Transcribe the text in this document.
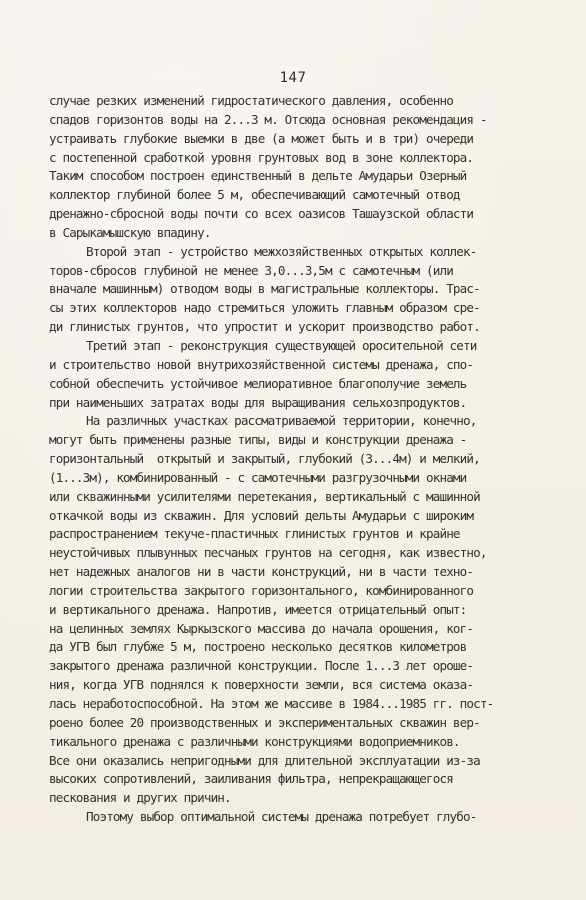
147
случае резких изменений гидростатического давления, особенно
спадов горизонтов воды на 2...3 м. Отсюда основная рекомендация -
устраивать глубокие выемки в две (а может быть и в три) очереди
с постепенной сработкой уровня грунтовых вод в зоне коллектора.
Таким способом построен единственный в дельте Амударьи Озерный
коллектор глубиной более 5 м, обеспечивающий самотечный отвод
дренажно-сбросной воды почти со всех оазисов Ташаузской области
в Сарыкамышскую впадину.
Второй этап - устройство межхозяйственных открытых коллек-
торов-сбросов глубиной не менее 3,0...3,5м с самотечным (или
вначале машинным) отводом воды в магистральные коллекторы. Трас-
сы этих коллекторов надо стремиться уложить главным образом сре-
ди глинистых грунтов, что упростит и ускорит производство работ.
Третий этап - реконструкция существующей оросительной сети
и строительство новой внутрихозяйственной системы дренажа, спо-
собной обеспечить устойчивое мелиоративное благополучие земель
при наименьших затратах воды для выращивания сельхозпродуктов.
На различных участках рассматриваемой территории, конечно,
могут быть применены разные типы, виды и конструкции дренажа -
горизонтальный  открытый и закрытый, глубокий (3...4м) и мелкий,
(1...3м), комбинированный - с самотечными разгрузочными окнами
или скважинными усилителями перетекания, вертикальный с машинной
откачкой воды из скважин. Для условий дельты Амударьи с широким
распространением текуче-пластичных глинистых грунтов и крайне
неустойчивых плывунных песчаных грунтов на сегодня, как известно,
нет надежных аналогов ни в части конструкций, ни в части техно-
логии строительства закрытого горизонтального, комбинированного
и вертикального дренажа. Напротив, имеется отрицательный опыт:
на целинных землях Кыркызского массива до начала орошения, ког-
да УГВ был глубже 5 м, построено несколько десятков километров
закрытого дренажа различной конструкции. После 1...3 лет ороше-
ния, когда УГВ поднялся к поверхности земли, вся система оказа-
лась неработоспособной. На этом же массиве в 1984...1985 гг. пост-
роено более 20 производственных и экспериментальных скважин вер-
тикального дренажа с различными конструкциями водоприемников.
Все они оказались непригодными для длительной эксплуатации из-за
высоких сопротивлений, заиливания фильтра, непрекращающегося
пескования и других причин.
Поэтому выбор оптимальной системы дренажа потребует глубо-
